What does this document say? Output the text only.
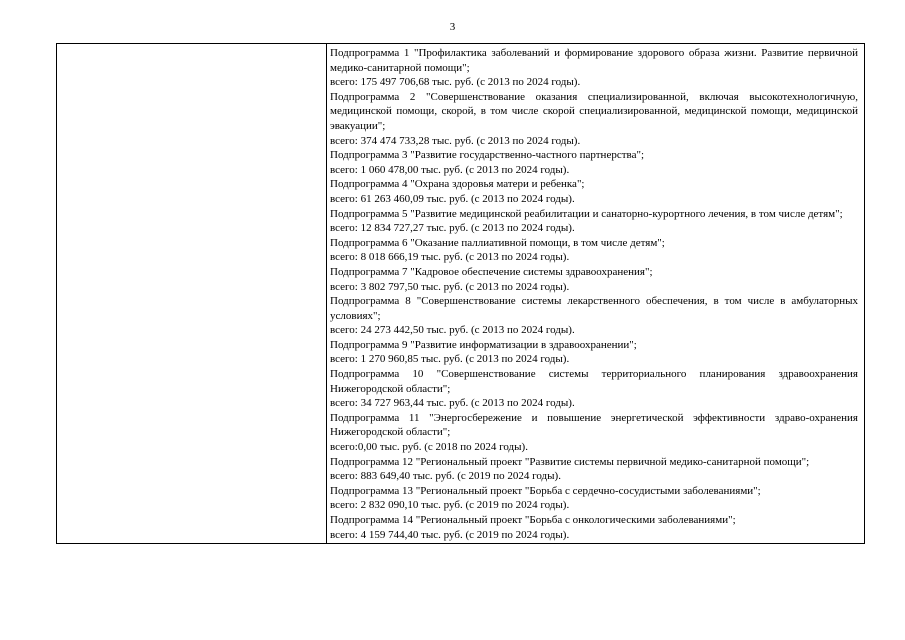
3

Подпрограмма 1 "Профилактика заболеваний и формирование здорового образа жизни. Развитие первичной медико-санитарной помощи";

всего: 175 497 706,68 тыс. руб. (с 2013 по 2024 годы).

Подпрограмма 2 "Совершенствование оказания специализированной, включая высокотехнологичную, медицинской помощи, скорой, в том числе скорой специализированной, медицинской помощи, медицинской эвакуации";

всего: 374 474 733,28 тыс. руб. (с 2013 по 2024 годы).

Подпрограмма 3 "Развитие государственно-частного партнерства";

всего: 1 060 478,00 тыс. руб. (с 2013 по 2024 годы).

Подпрограмма 4 "Охрана здоровья матери и ребенка";

всего: 61 263 460,09 тыс. руб. (с 2013 по 2024 годы).

Подпрограмма 5 "Развитие медицинской реабилитации и санаторно-курортного лечения, в том числе детям";

всего: 12 834 727,27 тыс. руб. (с 2013 по 2024 годы).

Подпрограмма 6 "Оказание паллиативной помощи, в том числе детям";

всего: 8 018 666,19 тыс. руб. (с 2013 по 2024 годы).

Подпрограмма 7 "Кадровое обеспечение системы здравоохранения";

всего: 3 802 797,50 тыс. руб. (с 2013 по 2024 годы).

Подпрограмма 8 "Совершенствование системы лекарственного обеспечения, в том числе в амбулаторных условиях";

всего: 24 273 442,50 тыс. руб. (с 2013 по 2024 годы).

Подпрограмма 9 "Развитие информатизации в здравоохранении";

всего: 1 270 960,85 тыс. руб. (с 2013 по 2024 годы).

Подпрограмма 10 "Совершенствование системы территориального планирования здравоохранения Нижегородской области";

всего: 34 727 963,44 тыс. руб. (с 2013 по 2024 годы).

Подпрограмма 11 "Энергосбережение и повышение энергетической эффективности здраво-охранения Нижегородской области";

всего:0,00 тыс. руб. (с 2018 по 2024 годы).

Подпрограмма 12 "Региональный проект "Развитие системы первичной медико-санитарной помощи";

всего: 883 649,40 тыс. руб. (с 2019 по 2024 годы).

Подпрограмма 13 "Региональный проект "Борьба с сердечно-сосудистыми заболеваниями";

всего: 2 832 090,10 тыс. руб. (с 2019 по 2024 годы).

Подпрограмма 14 "Региональный проект "Борьба с онкологическими заболеваниями";

всего: 4 159 744,40 тыс. руб. (с 2019 по 2024 годы).
